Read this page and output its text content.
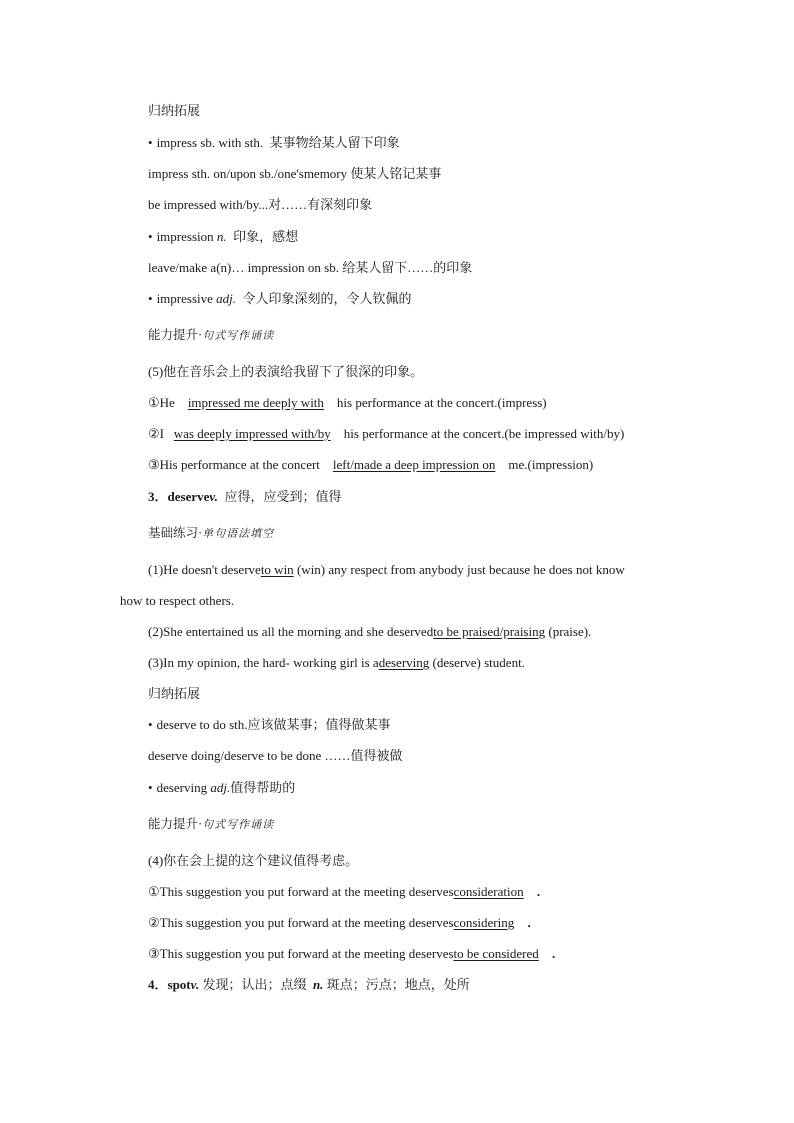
归纳拓展
• impress sb. with sth. 某事物给某人留下印象
impress sth. on/upon sb./one'smemory 使某人铭记某事
be impressed with/by...对……有深刻印象
• impression n. 印象，感想
leave/make a(n)… impression on sb. 给某人留下……的印象
• impressive adj. 令人印象深刻的，令人钦佩的
能力提升·句式写作诵读
(5)他在音乐会上的表演给我留下了很深的印象。
①He impressed me deeply with his performance at the concert.(impress)
②I was deeply impressed with/by his performance at the concert.(be impressed with/by)
③His performance at the concert left/made a deep impression on me.(impression)
3．deservev. 应得，应受到；值得
基础练习·单句语法填空
(1)He doesn't deserveto win (win) any respect from anybody just because he does not know
how to respect others.
(2)She entertained us all the morning and she deservedto be praised/praising (praise).
(3)In my opinion, the hard- working girl is adeserving (deserve) student.
归纳拓展
• deserve to do sth.应该做某事；值得做某事
deserve doing/deserve to be done ……值得被做
• deserving adj.值得帮助的
能力提升·句式写作诵读
(4)你在会上提的这个建议值得考虑。
①This suggestion you put forward at the meeting deservesconsideration .
②This suggestion you put forward at the meeting deservesconsidering .
③This suggestion you put forward at the meeting deservesto be considered .
4．spotv. 发现；认出；点缀 n. 斑点；污点；地点，处所
